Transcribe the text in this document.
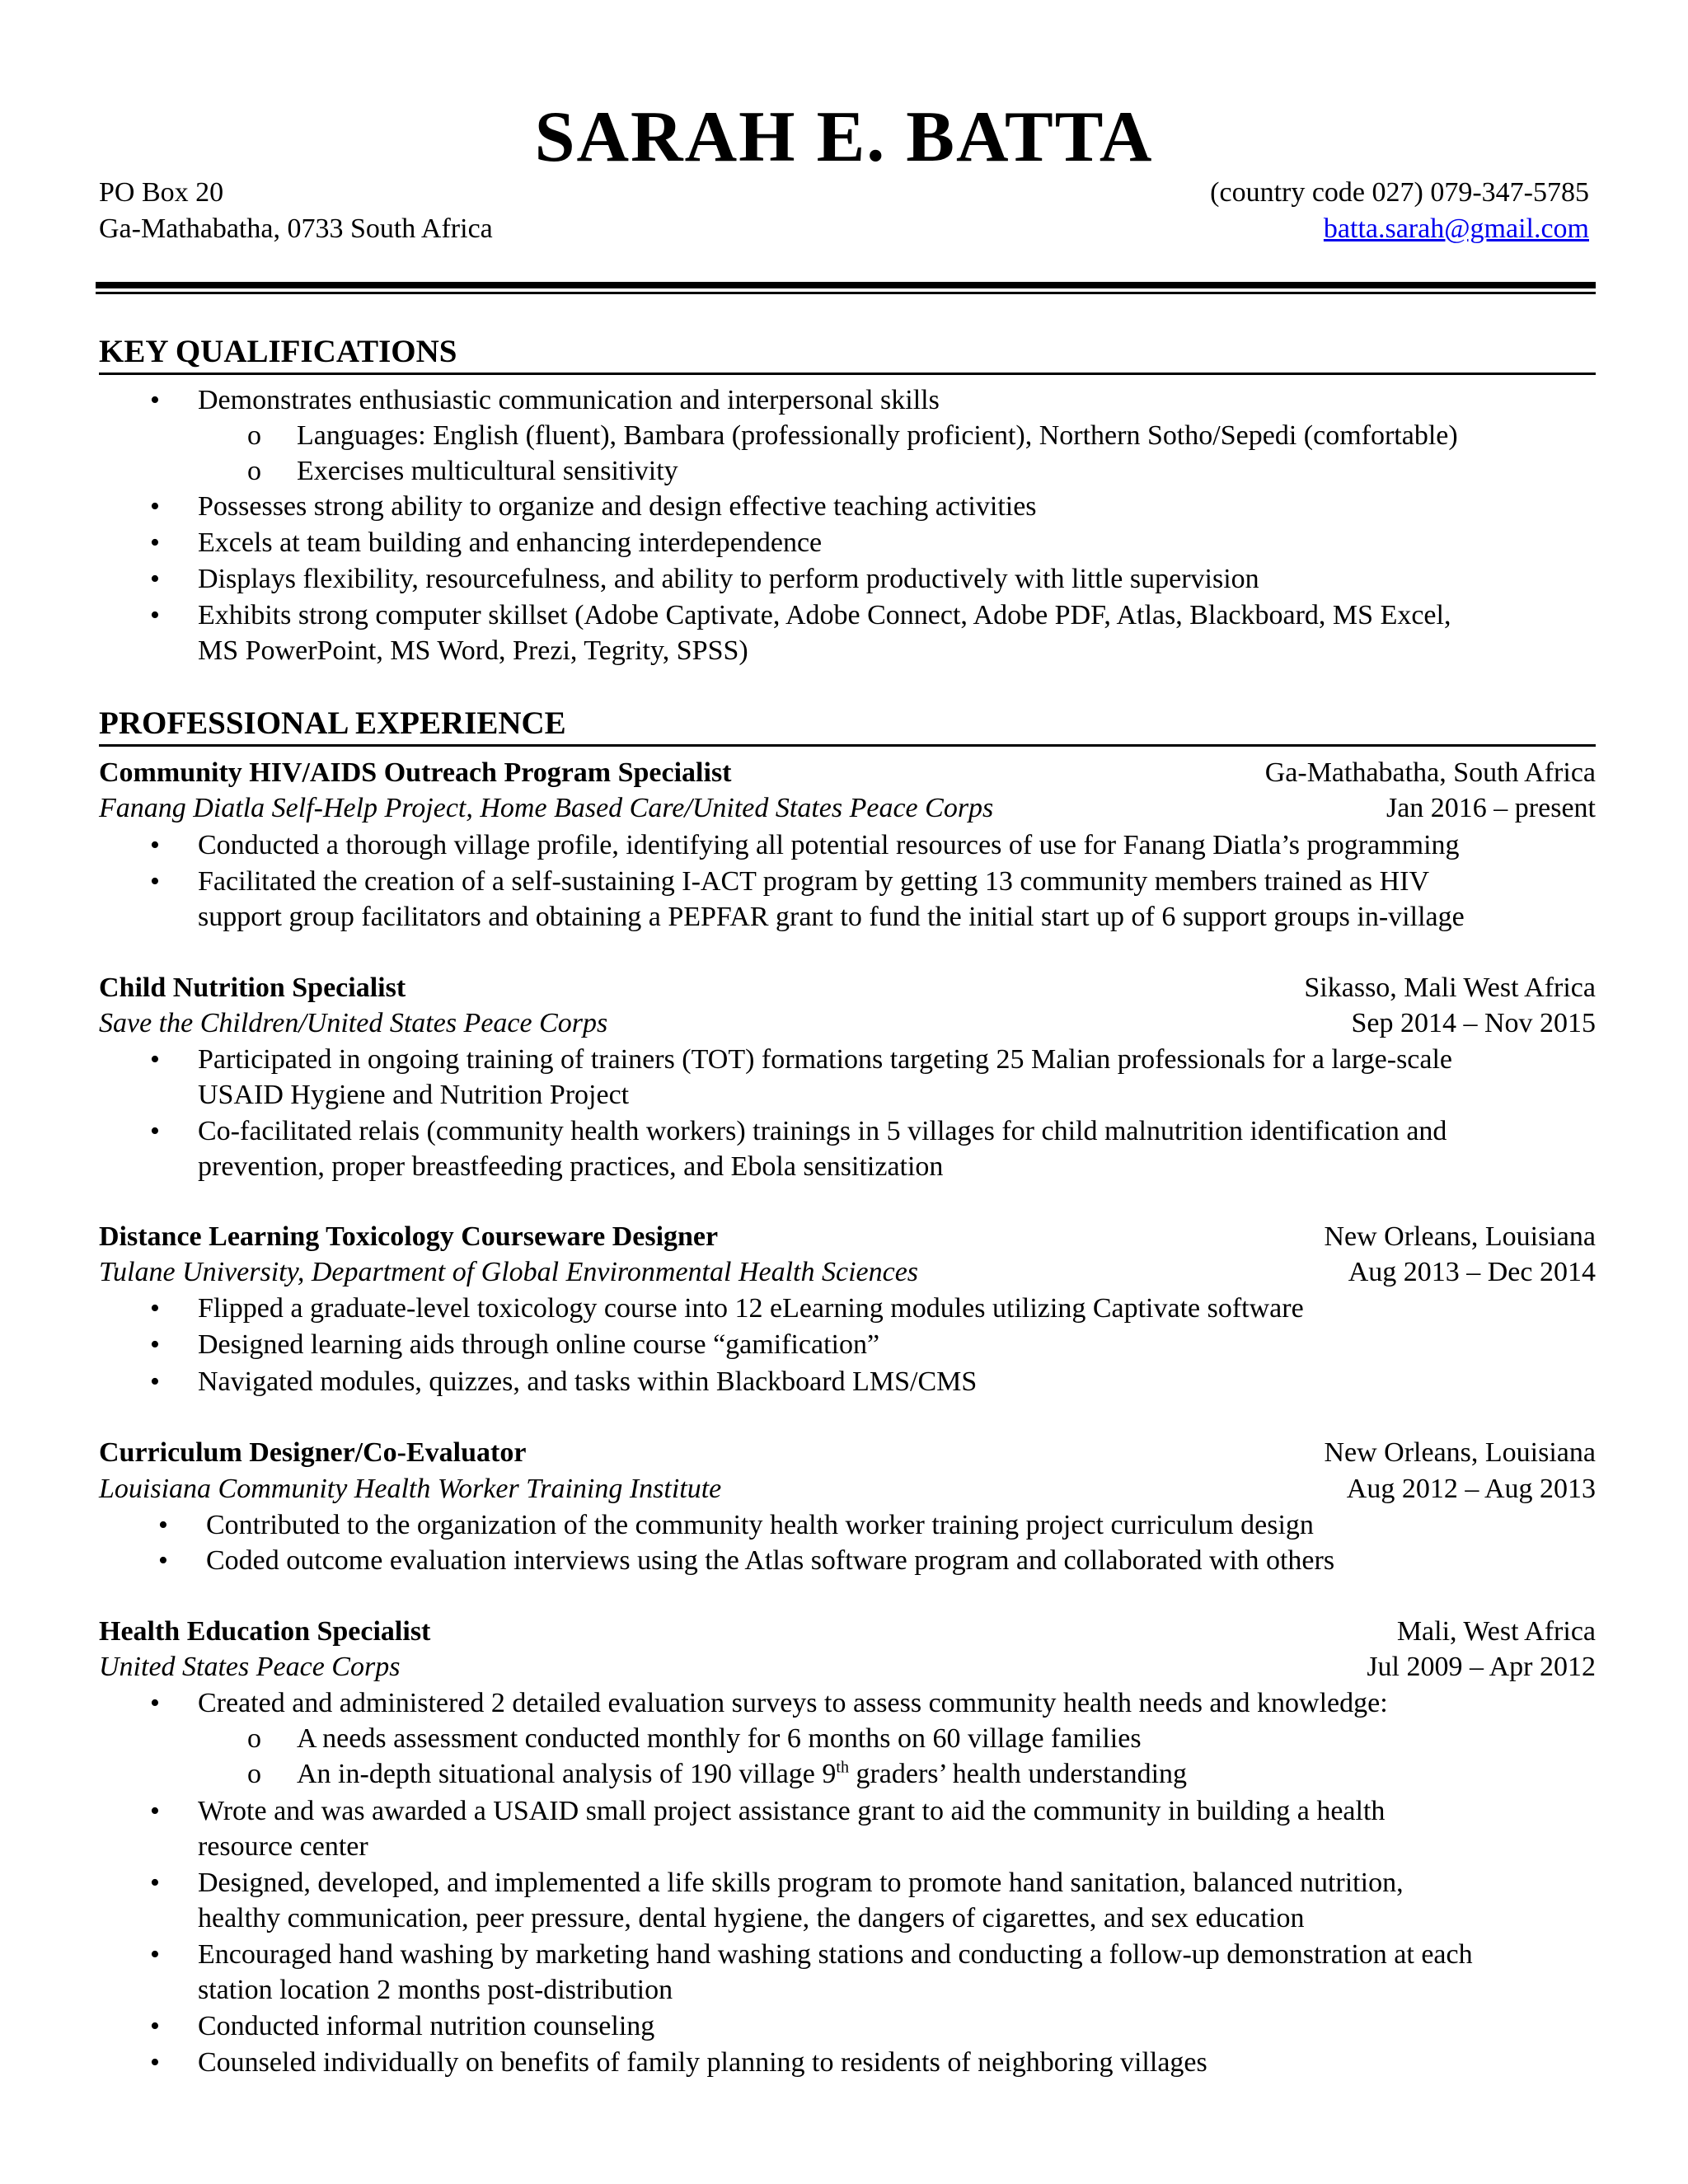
SARAH E. BATTA
PO Box 20	(country code 027) 079-347-5785
Ga-Mathabatha, 0733 South Africa	batta.sarah@gmail.com
KEY QUALIFICATIONS
• Demonstrates enthusiastic communication and interpersonal skills
o Languages: English (fluent), Bambara (professionally proficient), Northern Sotho/Sepedi (comfortable)
o Exercises multicultural sensitivity
• Possesses strong ability to organize and design effective teaching activities
• Excels at team building and enhancing interdependence
• Displays flexibility, resourcefulness, and ability to perform productively with little supervision
• Exhibits strong computer skillset (Adobe Captivate, Adobe Connect, Adobe PDF, Atlas, Blackboard, MS Excel,
MS PowerPoint, MS Word, Prezi, Tegrity, SPSS)
PROFESSIONAL EXPERIENCE
Community HIV/AIDS Outreach Program Specialist	Ga-Mathabatha, South Africa
Fanang Diatla Self-Help Project, Home Based Care/United States Peace Corps	Jan 2016 – present
• Conducted a thorough village profile, identifying all potential resources of use for Fanang Diatla’s programming
• Facilitated the creation of a self-sustaining I-ACT program by getting 13 community members trained as HIV
support group facilitators and obtaining a PEPFAR grant to fund the initial start up of 6 support groups in-village
Child Nutrition Specialist	Sikasso, Mali West Africa
Save the Children/United States Peace Corps	Sep 2014 – Nov 2015
• Participated in ongoing training of trainers (TOT) formations targeting 25 Malian professionals for a large-scale
USAID Hygiene and Nutrition Project
• Co-facilitated relais (community health workers) trainings in 5 villages for child malnutrition identification and
prevention, proper breastfeeding practices, and Ebola sensitization
Distance Learning Toxicology Courseware Designer	New Orleans, Louisiana
Tulane University, Department of Global Environmental Health Sciences	Aug 2013 – Dec 2014
• Flipped a graduate-level toxicology course into 12 eLearning modules utilizing Captivate software
• Designed learning aids through online course “gamification”
• Navigated modules, quizzes, and tasks within Blackboard LMS/CMS
Curriculum Designer/Co-Evaluator	New Orleans, Louisiana
Louisiana Community Health Worker Training Institute	Aug 2012 – Aug 2013
• Contributed to the organization of the community health worker training project curriculum design
• Coded outcome evaluation interviews using the Atlas software program and collaborated with others
Health Education Specialist	Mali, West Africa
United States Peace Corps	Jul 2009 – Apr 2012
• Created and administered 2 detailed evaluation surveys to assess community health needs and knowledge:
o A needs assessment conducted monthly for 6 months on 60 village families
o An in-depth situational analysis of 190 village 9th graders’ health understanding
• Wrote and was awarded a USAID small project assistance grant to aid the community in building a health
resource center
• Designed, developed, and implemented a life skills program to promote hand sanitation, balanced nutrition,
healthy communication, peer pressure, dental hygiene, the dangers of cigarettes, and sex education
• Encouraged hand washing by marketing hand washing stations and conducting a follow-up demonstration at each
station location 2 months post-distribution
• Conducted informal nutrition counseling
• Counseled individually on benefits of family planning to residents of neighboring villages
